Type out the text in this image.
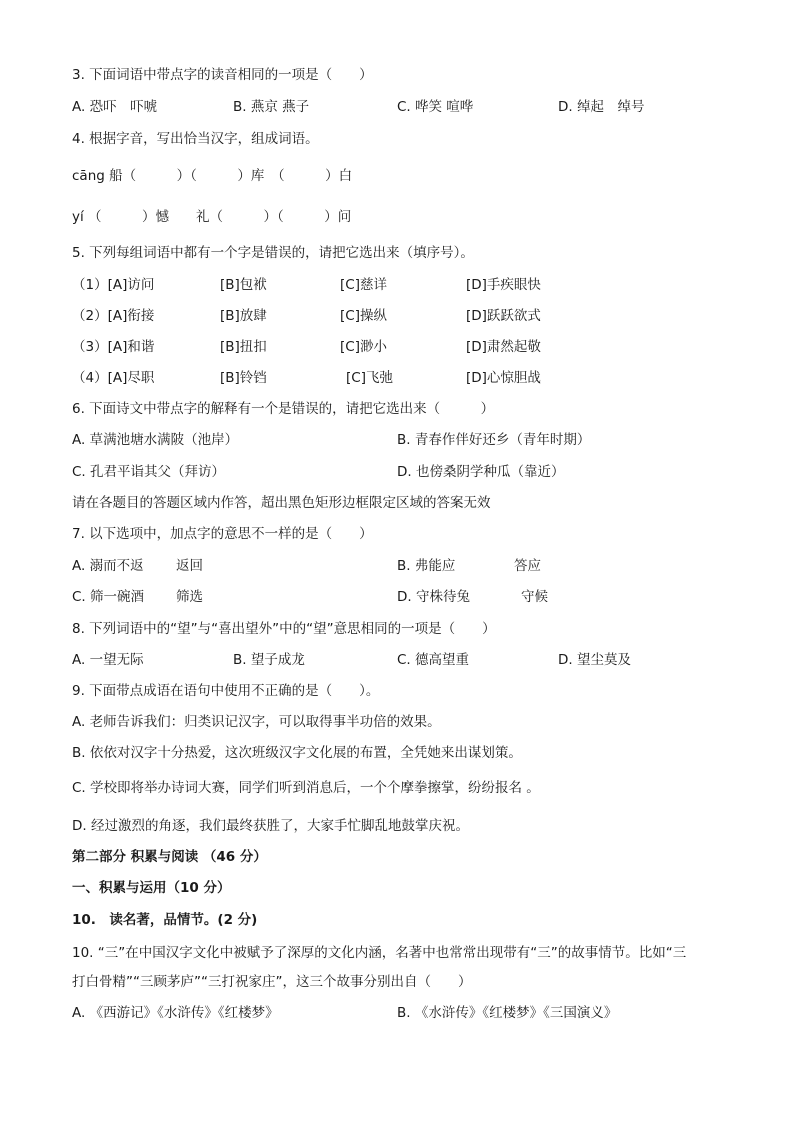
3. 下面词语中带点字的读音相同的一项是（　　）
A. 恐吓　吓唬	B. 燕京 燕子	C. 哗笑 喧哗	D. 绰起　绰号
4. 根据字音，写出恰当汉字，组成词语。
cāng 船（　　　）（　　　）库　（　　　）白
yí （　　　）憾　　礼（　　　）（　　　）问
5. 下列每组词语中都有一个字是错误的，请把它选出来（填序号）。
（1）[A]访问	[B]包袱	[C]慈详	[D]手疾眼快
（2）[A]衔接	[B]放肆	[C]操纵	[D]跃跃欲式
（3）[A]和谐	[B]扭扣	[C]渺小	[D]肃然起敬
（4）[A]尽职	[B]铃铛	[C]飞弛	[D]心惊胆战
6. 下面诗文中带点字的解释有一个是错误的，请把它选出来（　　　）
A. 草满池塘水满陂（池岸）	B. 青春作伴好还乡（青年时期）
C. 孔君平诣其父（拜访）	D. 也傍桑阴学种瓜（靠近）
请在各题目的答题区域内作答，超出黑色矩形边框限定区域的答案无效
7. 以下选项中，加点字的意思不一样的是（　　）
A. 溺而不返 返回	B. 弗能应	答应
C. 筛一碗酒 筛选	D. 守株待兔	守候
8. 下列词语中的“望”与“喜出望外”中的“望”意思相同的一项是（　　）
A. 一望无际	B. 望子成龙	C. 德高望重	D. 望尘莫及
9. 下面带点成语在语句中使用不正确的是（　　）。
A. 老师告诉我们：归类识记汉字，可以取得事半功倍的效果。
B. 依依对汉字十分热爱，这次班级汉字文化展的布置，全凭她来出谋划策。
C. 学校即将举办诗词大赛，同学们听到消息后，一个个摩拳擦掌，纷纷报名 。
D. 经过激烈的角逐，我们最终获胜了，大家手忙脚乱地鼓掌庆祝。
第二部分 积累与阅读 （46 分）
一、积累与运用（10 分）
10.　读名著，品情节。(2 分)
10. “三”在中国汉字文化中被赋予了深厚的文化内涵，名著中也常常出现带有“三”的故事情节。比如“三
打白骨精”“三顾茅庐”“三打祝家庄”，这三个故事分别出自（　　）
A. 《西游记》《水浒传》《红楼梦》	B. 《水浒传》《红楼梦》《三国演义》
